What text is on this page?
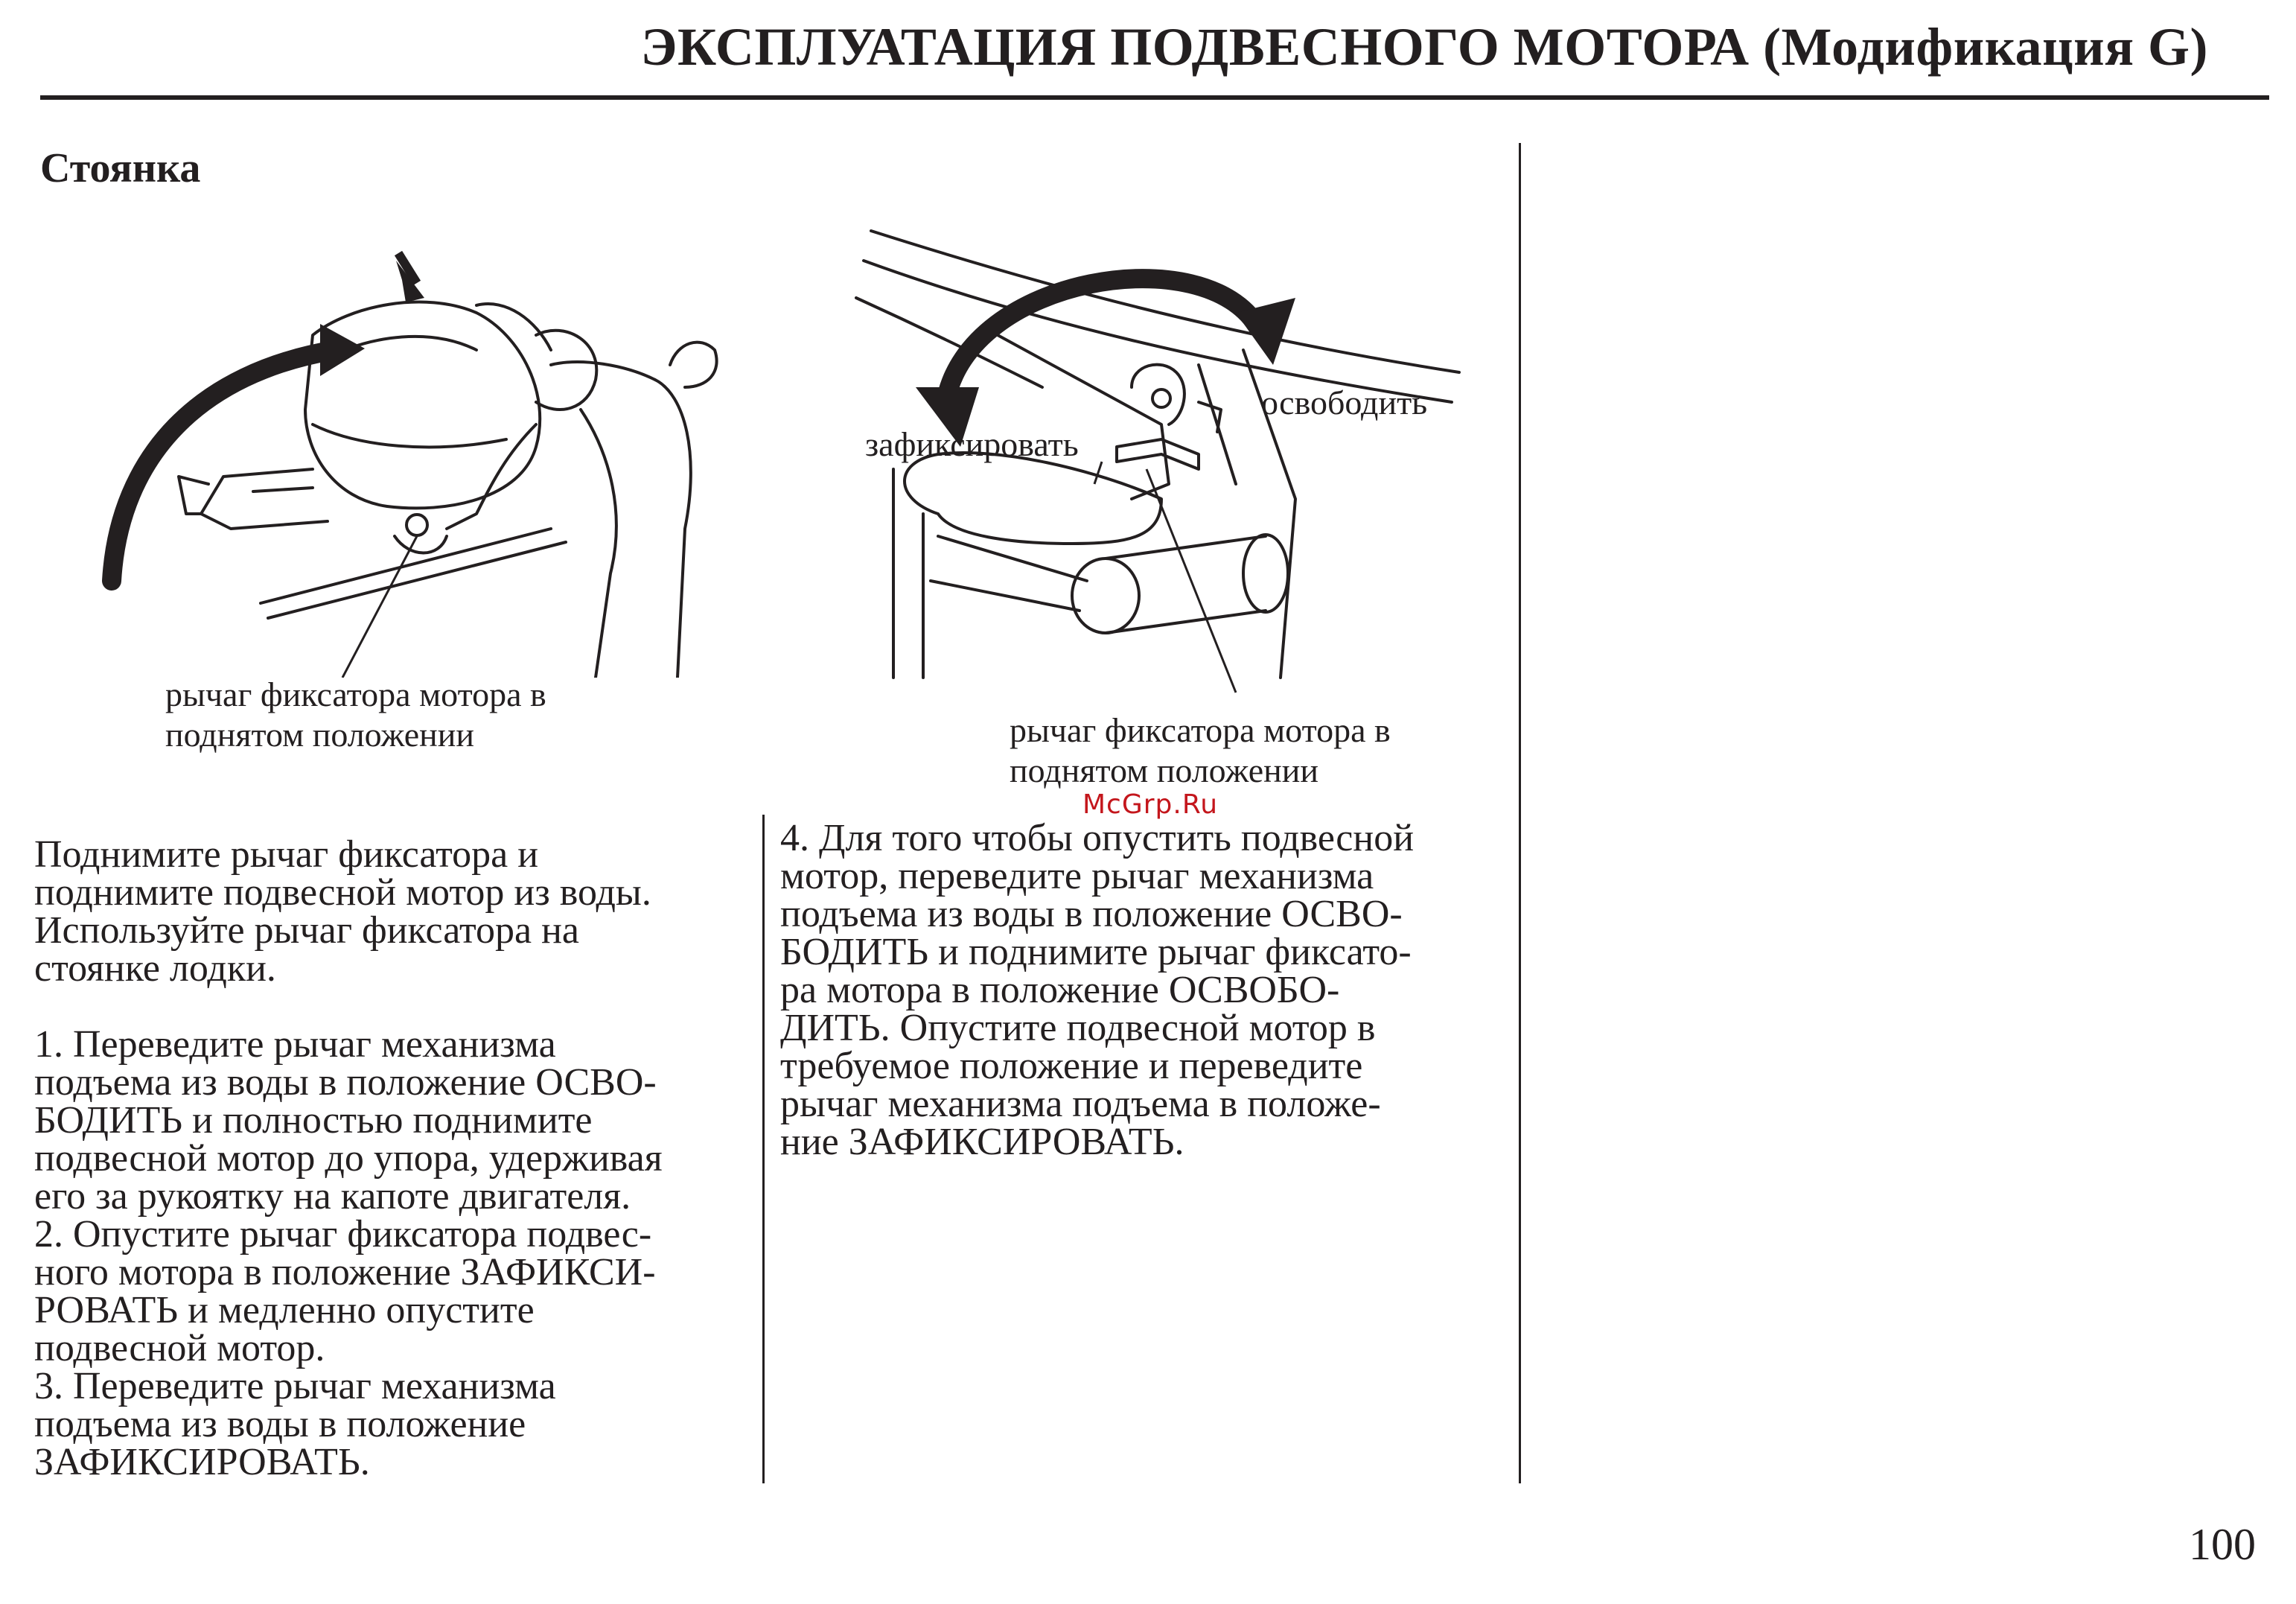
ЭКСПЛУАТАЦИЯ ПОДВЕСНОГО МОТОРА (Модификация G)
Стоянка
рычаг фиксатора мотора в
поднятом положении
зафиксировать
освободить
рычаг фиксатора мотора в
поднятом положении
McGrp.Ru
Поднимите рычаг фиксатора и
поднимите подвесной мотор из воды.
Используйте рычаг фиксатора на
стоянке лодки.
1. Переведите рычаг механизма
подъема из воды в положение ОСВО-
БОДИТЬ и полностью поднимите
подвесной мотор до упора, удерживая
его за рукоятку на капоте двигателя.
2. Опустите рычаг фиксатора подвес-
ного мотора в положение ЗАФИКСИ-
РОВАТЬ и медленно опустите
подвесной мотор.
3. Переведите рычаг механизма
подъема из воды в положение
ЗАФИКСИРОВАТЬ.
4. Для того чтобы опустить подвесной
мотор, переведите рычаг механизма
подъема из воды в положение ОСВО-
БОДИТЬ и поднимите рычаг фиксато-
ра мотора в положение ОСВОБО-
ДИТЬ. Опустите подвесной мотор в
требуемое положение и переведите
рычаг механизма подъема в положе-
ние ЗАФИКСИРОВАТЬ.
100
